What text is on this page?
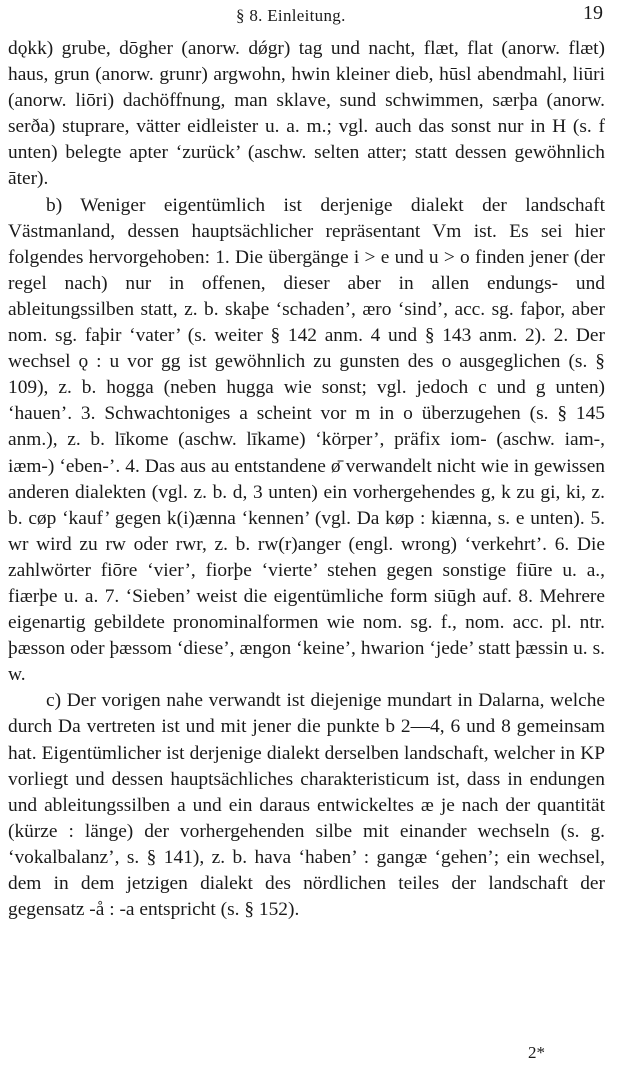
§ 8. Einleitung.	19

dǫkk) grube, dōgher (anorw. dǿgr) tag und nacht, flæt, flat (anorw. flæt) haus, grun (anorw. grunr) argwohn, hwin kleiner dieb, hūsl abendmahl, liūri (anorw. liōri) dachöffnung, man sklave, sund schwimmen, særþa (anorw. serða) stuprare, vätter eidleister u. a. m.; vgl. auch das sonst nur in H (s. f unten) belegte apter ‘zurück’ (aschw. selten atter; statt dessen gewöhnlich āter).

b) Weniger eigentümlich ist derjenige dialekt der landschaft Västmanland, dessen hauptsächlicher repräsentant Vm ist. Es sei hier folgendes hervorgehoben: 1. Die übergänge i > e und u > o finden jener (der regel nach) nur in offenen, dieser aber in allen endungs- und ableitungssilben statt, z. b. skaþe ‘schaden’, æro ‘sind’, acc. sg. faþor, aber nom. sg. faþir ‘vater’ (s. weiter § 142 anm. 4 und § 143 anm. 2). 2. Der wechsel ǫ : u vor gg ist gewöhnlich zu gunsten des o ausgeglichen (s. § 109), z. b. hogga (neben hugga wie sonst; vgl. jedoch c und g unten) ‘hauen’. 3. Schwachtoniges a scheint vor m in o überzugehen (s. § 145 anm.), z. b. līkome (aschw. līkame) ‘körper’, präfix iom- (aschw. iam-, iæm-) ‘eben-’. 4. Das aus au entstandene ø̄ verwandelt nicht wie in gewissen anderen dialekten (vgl. z. b. d, 3 unten) ein vorhergehendes g, k zu gi, ki, z. b. cøp ‘kauf’ gegen k(i)ænna ‘kennen’ (vgl. Da køp : kiænna, s. e unten). 5. wr wird zu rw oder rwr, z. b. rw(r)anger (engl. wrong) ‘verkehrt’. 6. Die zahlwörter fiōre ‘vier’, fiorþe ‘vierte’ stehen gegen sonstige fiūre u. a., fiærþe u. a. 7. ‘Sieben’ weist die eigentümliche form siūgh auf. 8. Mehrere eigenartig gebildete pronominalformen wie nom. sg. f., nom. acc. pl. ntr. þæsson oder þæssom ‘diese’, ængon ‘keine’, hwarion ‘jede’ statt þæssin u. s. w.

c) Der vorigen nahe verwandt ist diejenige mundart in Dalarna, welche durch Da vertreten ist und mit jener die punkte b 2—4, 6 und 8 gemeinsam hat. Eigentümlicher ist derjenige dialekt derselben landschaft, welcher in KP vorliegt und dessen hauptsächliches charakteristicum ist, dass in endungen und ableitungssilben a und ein daraus entwickeltes æ je nach der quantität (kürze : länge) der vorhergehenden silbe mit einander wechseln (s. g. ‘vokalbalanz’, s. § 141), z. b. hava ‘haben’ : gangæ ‘gehen’; ein wechsel, dem in dem jetzigen dialekt des nördlichen teiles der landschaft der gegensatz -å : -a entspricht (s. § 152).

2*
